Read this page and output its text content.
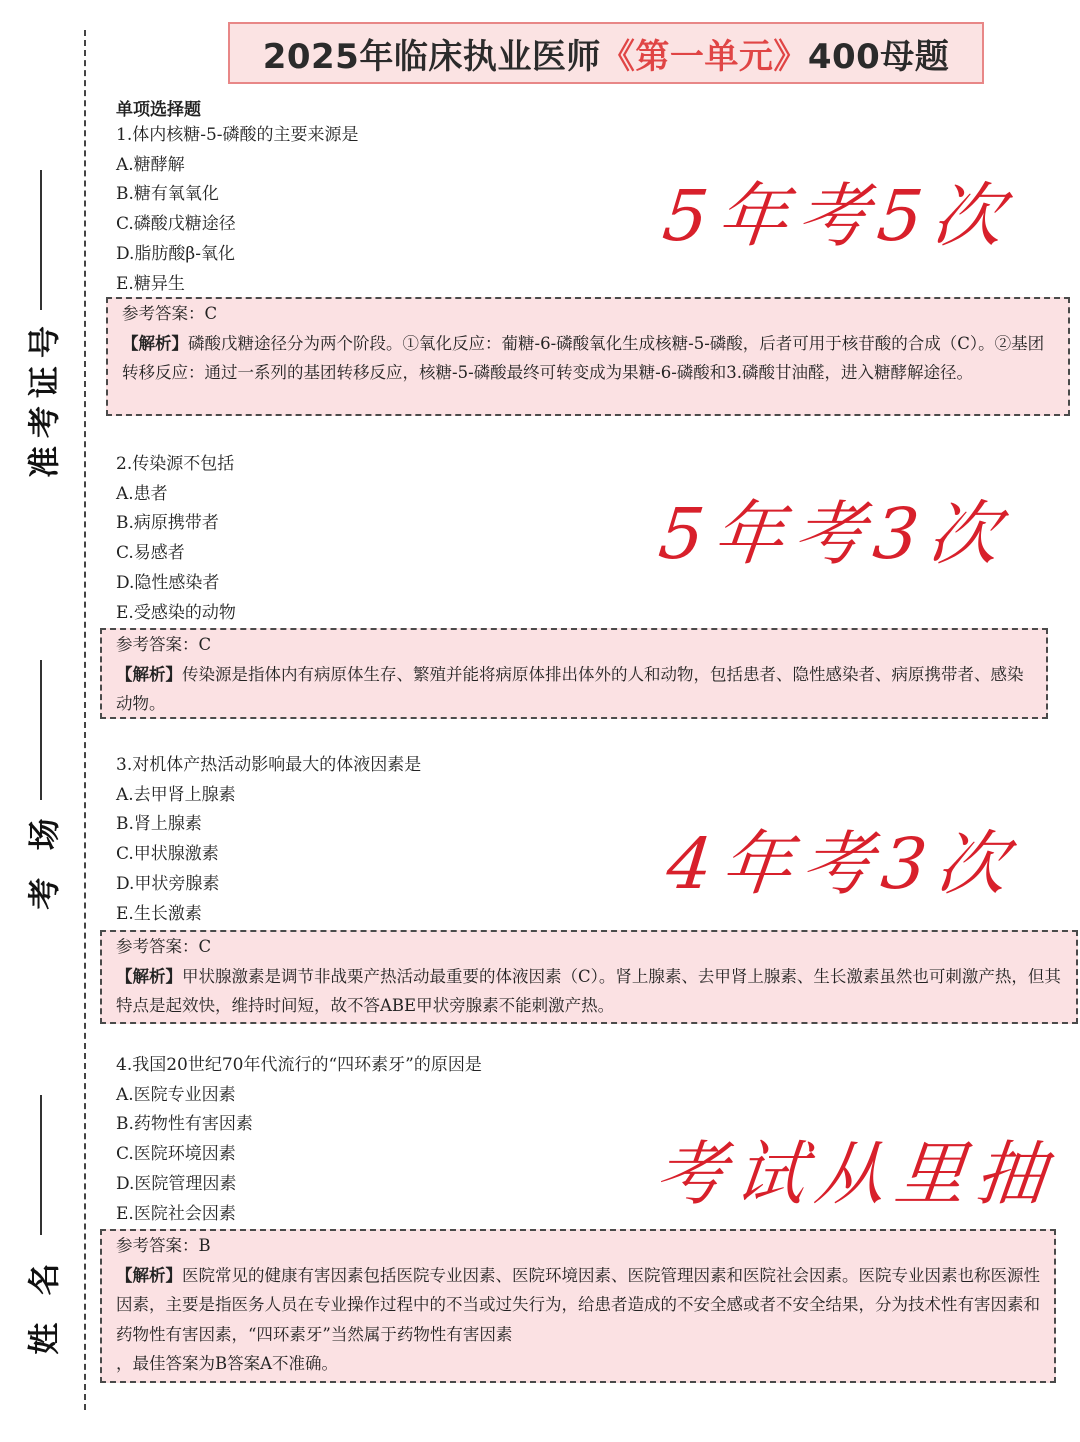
准考证号
考 场
姓 名
2025年临床执业医师 《第一单元》 400母题
单项选择题
1.体内核糖-5-磷酸的主要来源是
A.糖酵解
B.糖有氧氧化
C.磷酸戊糖途径
D.脂肪酸β-氧化
E.糖异生
参考答案：C
【解析】磷酸戊糖途径分为两个阶段。①氧化反应：葡糖-6-磷酸氧化生成核糖-5-磷酸，后者可用于核苷酸的合成（C）。②基团转移反应：通过一系列的基团转移反应，核糖-5-磷酸最终可转变成为果糖-6-磷酸和3.磷酸甘油醛，进入糖酵解途径。
5年考5次
2.传染源不包括
A.患者
B.病原携带者
C.易感者
D.隐性感染者
E.受感染的动物
参考答案：C
【解析】传染源是指体内有病原体生存、繁殖并能将病原体排出体外的人和动物，包括患者、隐性感染者、病原携带者、感染动物。
5年考3次
3.对机体产热活动影响最大的体液因素是
A.去甲肾上腺素
B.肾上腺素
C.甲状腺激素
D.甲状旁腺素
E.生长激素
参考答案：C
【解析】甲状腺激素是调节非战栗产热活动最重要的体液因素（C）。肾上腺素、去甲肾上腺素、生长激素虽然也可刺激产热，但其特点是起效快，维持时间短，故不答ABE甲状旁腺素不能刺激产热。
4年考3次
4.我国20世纪70年代流行的“四环素牙”的原因是
A.医院专业因素
B.药物性有害因素
C.医院环境因素
D.医院管理因素
E.医院社会因素
参考答案：B
【解析】医院常见的健康有害因素包括医院专业因素、医院环境因素、医院管理因素和医院社会因素。医院专业因素也称医源性因素，主要是指医务人员在专业操作过程中的不当或过失行为，给患者造成的不安全感或者不安全结果，分为技术性有害因素和药物性有害因素，“四环素牙”当然属于药物性有害因素
，最佳答案为B答案A不准确。
考试从里抽
